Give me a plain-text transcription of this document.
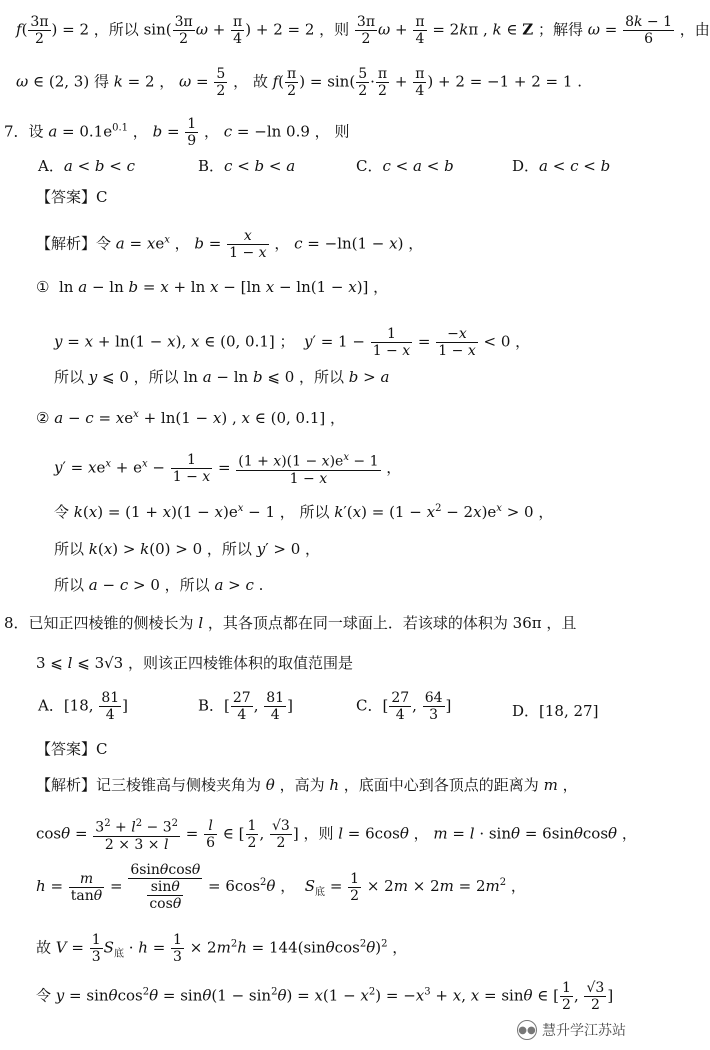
$f( \frac{3\pi}{2}$ ) = 2 ，所以 $\sin( \frac{3\pi}{2}$ $\omega + \frac{\pi}{4}$ ) + 2 = 2 ，则 $\frac{3\pi}{2}$ $\omega + \frac{\pi}{4} = 2k\pi$ , k ∈ Z ；解得 $\omega = \frac{8k - 1}{6}$ ，由
ω ∈ (2, 3) 得 k = 2 ， $\omega = \frac{5}{2}$ ， 故 $f( \frac{\pi}{2}$ ) = $\sin( \frac{5}{2} \cdot \frac{\pi}{2} + \frac{\pi}{4}$ ) + 2 = −1 + 2 = 1 .
7．设 $a = 0.1e^{0.1}$ ， $b = \frac{1}{9}$ ， c = −ln 0.9 ， 则
A．a < b < c	B．c < b < a	C．c < a < b	D．a < c < b
【答案】C
【解析】令 $a = xe^x$ ， $b = \frac{x}{1 - x}$ ， c = −ln(1 − x) ，
①  ln a − ln b = x + ln x − [ln x − ln(1 − x)] ，
y = x + ln(1 − x), x ∈ (0, 0.1] ；  $y' = 1 - \frac{1}{1 - x} = \frac{-x}{1 - x} < 0$ ，
所以 y ⩽ 0 ，所以 ln a − ln b ⩽ 0 ，所以 b > a
② $a - c = xe^x + \ln(1 - x)$ , x ∈ (0, 0.1] ，
$y' = xe^x + e^x - \frac{1}{1 - x} = \frac{(1 + x)(1 - x)e^x - 1}{1 - x}$ ，
令 $k(x) = (1 + x)(1 - x)e^x - 1$ ， 所以 $k'(x) = (1 - x^2 - 2x)e^x > 0$ ，
所以 k(x) > k(0) > 0 ，所以 y′ > 0 ，
所以 a − c > 0 ，所以 a > c .
8．已知正四棱锥的侧棱长为 l ，其各顶点都在同一球面上．若该球的体积为 36π ，且
3 ⩽ l ⩽ 3√3 ，则该正四棱锥体积的取值范围是
A．[18, $\frac{81}{4}$ ]	B．[ $\frac{27}{4}$ , $\frac{81}{4}$ ]	C．[ $\frac{27}{4}$ , $\frac{64}{3}$ ]	D．[18, 27]
【答案】C
【解析】记三棱锥高与侧棱夹角为 θ ，高为 h ，底面中心到各顶点的距离为 m ，
$\cos\theta = \frac{3^2 + l^2 - 3^2}{2 \times 3 \times l} = \frac{l}{6}$ ∈ [ $\frac{1}{2}$ , $\frac{√3}{2}$ ] ，则 l = 6cosθ ， m = l · sinθ = 6sinθcosθ ，
$h = \frac{m}{\tan\theta} = \frac{6\sin\theta\cos\theta}{\frac{\sin\theta}{\cos\theta}} = 6\cos^2\theta$ ，  $S_底 = \frac{1}{2} \times 2m \times 2m = 2m^2$ ，
故 $V = \frac{1}{3} S_底 \cdot h = \frac{1}{3} \times 2m^2h = 144(\sin\theta\cos^2\theta)^2$ ，
令 $y = \sin\theta\cos^2\theta = \sin\theta(1 - \sin^2\theta) = x(1 - x^2) = -x^3 + x$, x = sinθ ∈ [ $\frac{1}{2}$ , $\frac{√3}{2}$ ]
●● 慧升学江苏站
